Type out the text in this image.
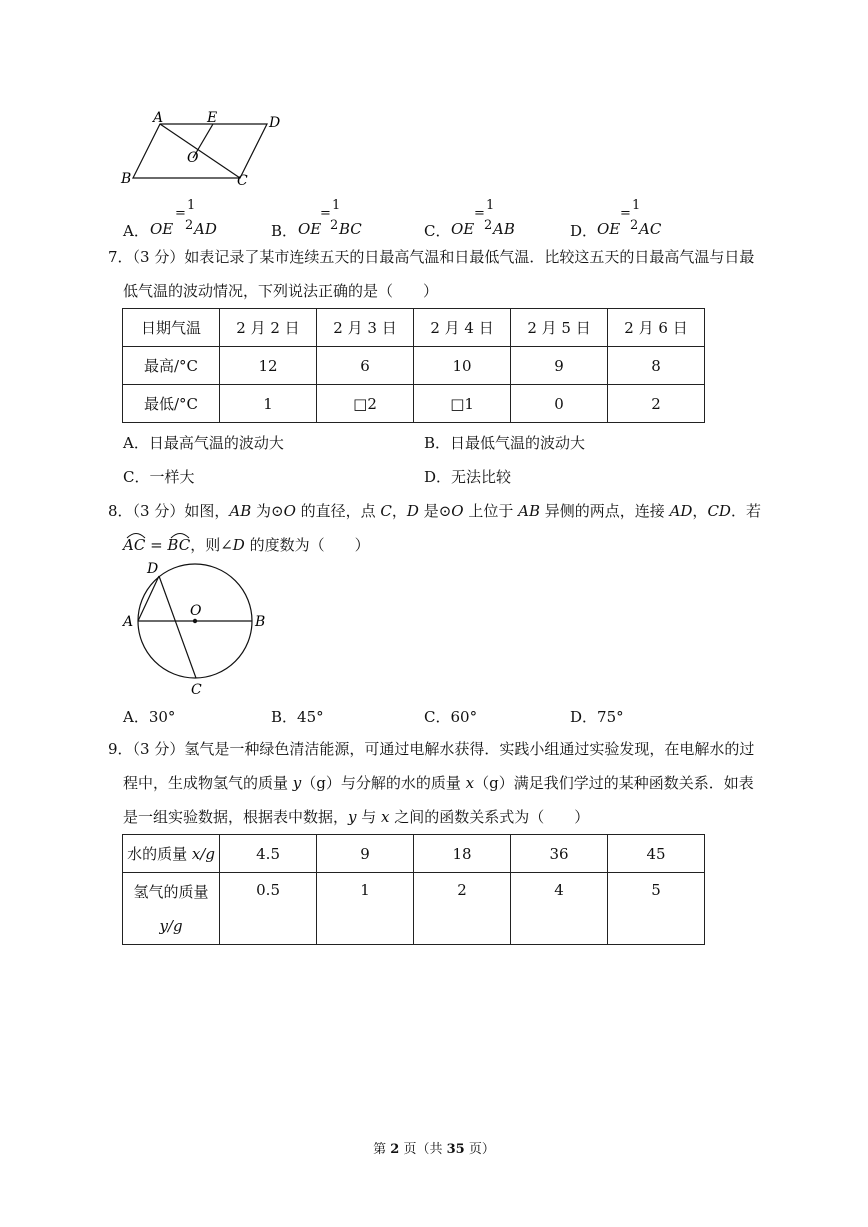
A	E	D
O
B	C
A． OE
=
1
2 AD	B． OE
=
1
2 BC	C． OE
=
1
2 AB	D． OE
=
1
2 AC
7．（3 分）如表记录了某市连续五天的日最高气温和日最低气温．比较这五天的日最高气温与日最
低气温的波动情况，下列说法正确的是（　　）
日期气温	2 月 2 日	2 月 3 日	2 月 4 日	2 月 5 日	2 月 6 日
最高/°C	12	6	10	9	8
最低/°C	1	□2	□1	0	2
A．日最高气温的波动大	B．日最低气温的波动大
C．一样大	D．无法比较
8．（3 分）如图，AB 为⊙O 的直径，点 C，D 是⊙O 上位于 AB 异侧的两点，连接 AD，CD．若
AC =
BC，则∠D 的度数为（　　）
D
O
A	B
C
A．30°	B．45°	C．60°	D．75°
9．（3 分）氢气是一种绿色清洁能源，可通过电解水获得．实践小组通过实验发现，在电解水的过
程中，生成物氢气的质量 y（g）与分解的水的质量 x（g）满足我们学过的某种函数关系．如表
是一组实验数据，根据表中数据，y 与 x 之间的函数关系式为（　　）
水的质量 x/g	4.5	9	18	36	45
氢气的质量
y/g	0.5	1	2	4	5
第 2 页（共 35 页）
